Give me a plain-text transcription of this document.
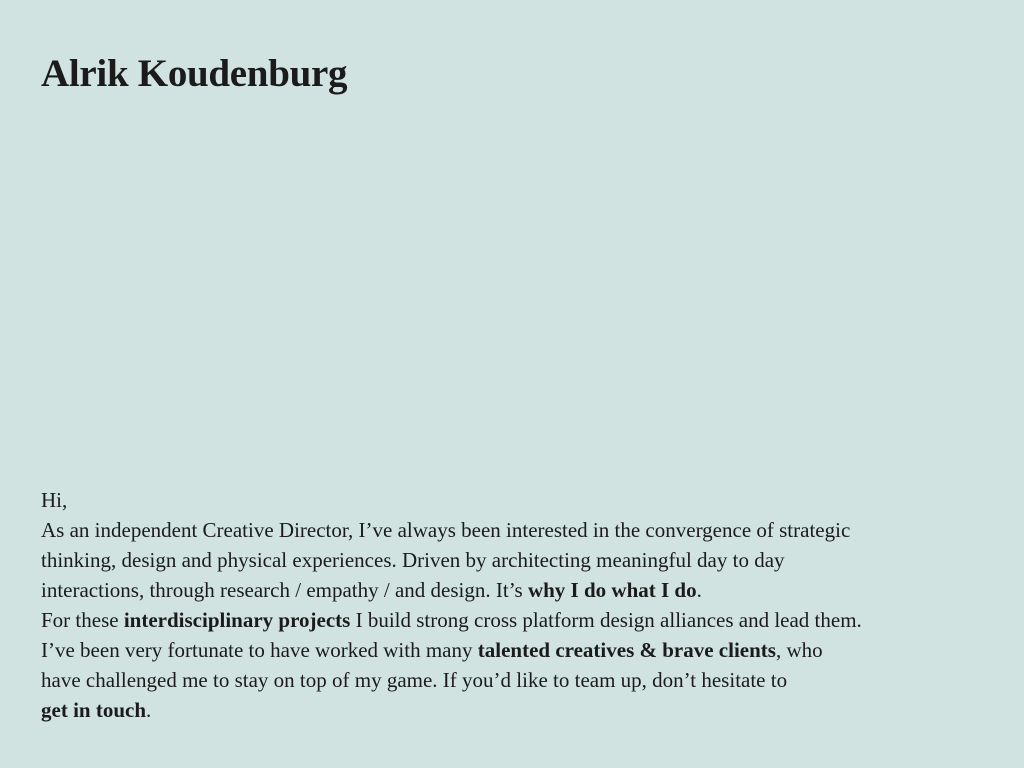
Alrik Koudenburg

Hi,

As an independent Creative Director, I’ve always been interested in the convergence of strategic
thinking, design and physical experiences. Driven by architecting meaningful day to day
interactions, through research / empathy / and design. It’s why I do what I do.

For these interdisciplinary projects I build strong cross platform design alliances and lead them.

I’ve been very fortunate to have worked with many talented creatives & brave clients, who
have challenged me to stay on top of my game. If you’d like to team up, don’t hesitate to
get in touch.
